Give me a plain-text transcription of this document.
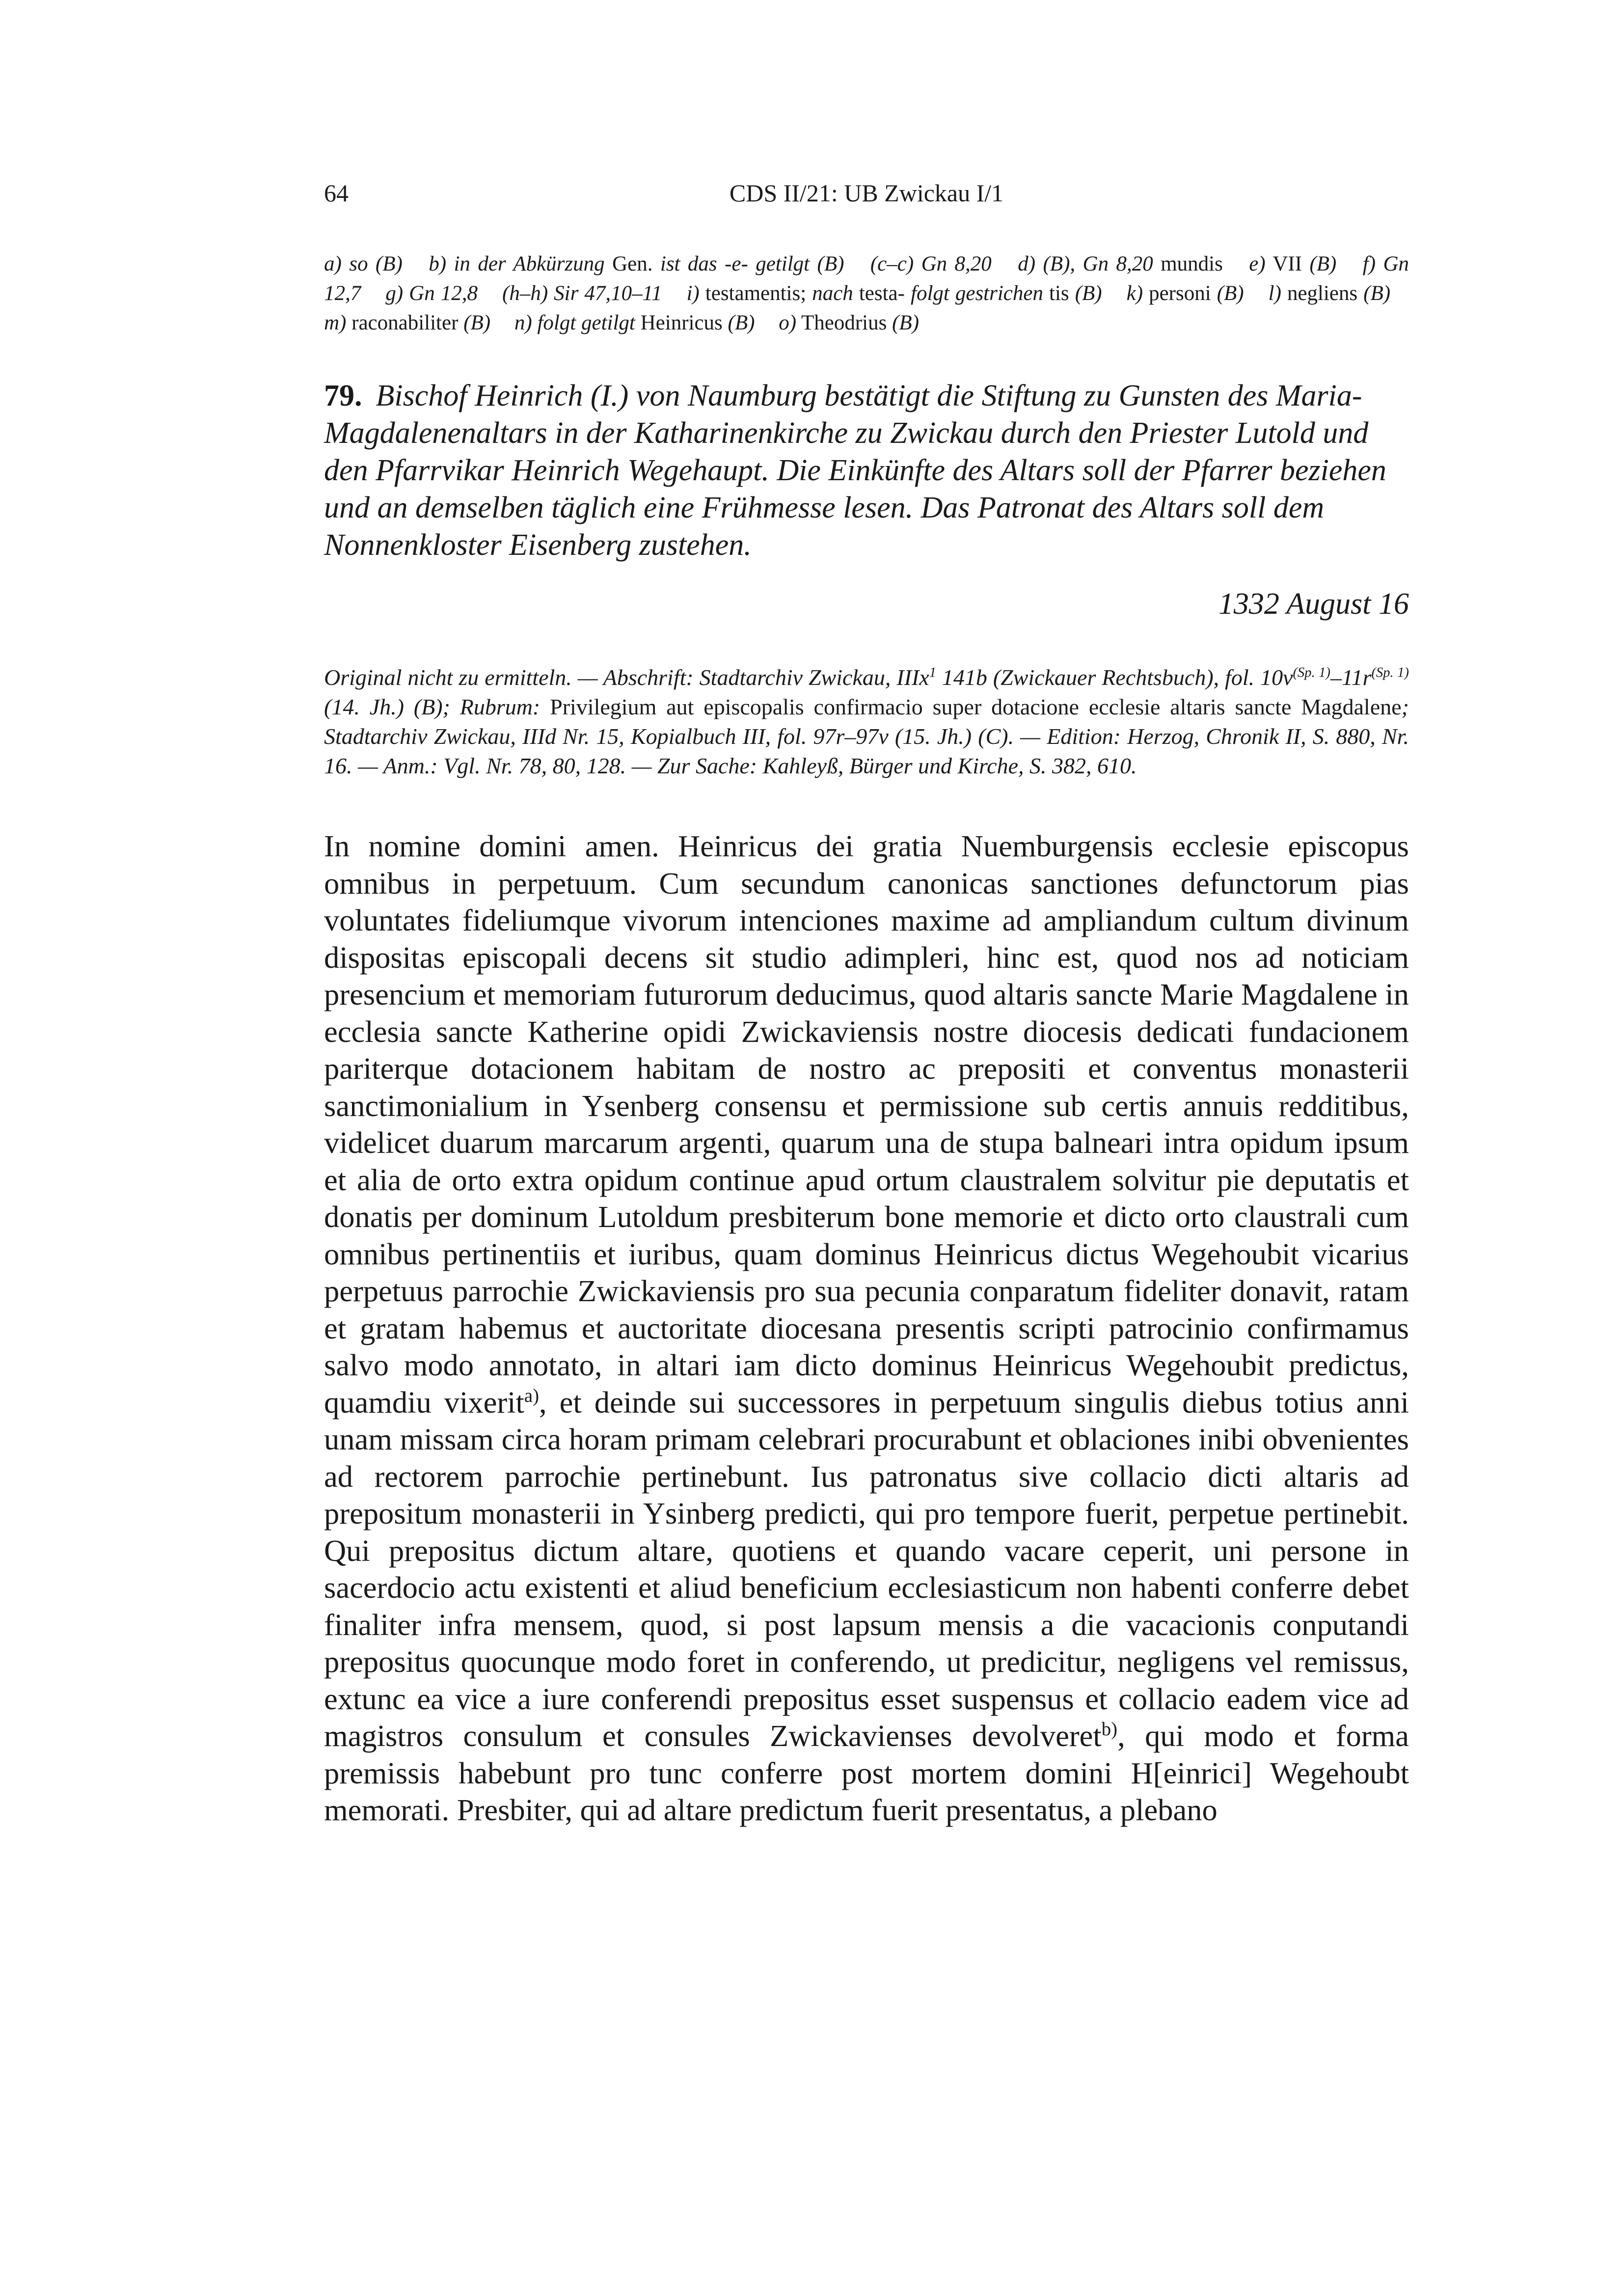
64	CDS II/21: UB Zwickau I/1

a) so (B) b) in der Abkürzung Gen. ist das -e- getilgt (B) (c–c) Gn 8,20 d) (B), Gn 8,20 mundis e) VII (B) f) Gn 12,7 g) Gn 12,8 (h–h) Sir 47,10–11 i) testamentis; nach testa- folgt gestrichen tis (B) k) personi (B) l) negliens (B) m) raconabiliter (B) n) folgt getilgt Heinricus (B) o) Theodrius (B)

79. Bischof Heinrich (I.) von Naumburg bestätigt die Stiftung zu Gunsten des Maria-Magdalenenaltars in der Katharinenkirche zu Zwickau durch den Priester Lutold und den Pfarrvikar Heinrich Wegehaupt. Die Einkünfte des Altars soll der Pfarrer beziehen und an demselben täglich eine Frühmesse lesen. Das Patronat des Altars soll dem Nonnenkloster Eisenberg zustehen.
1332 August 16

Original nicht zu ermitteln. — Abschrift: Stadtarchiv Zwickau, IIIx$^1$ 141b (Zwickauer Rechtsbuch), fol. $10v^{(Sp. 1)}-11r^{(Sp. 1)}$ (14. Jh.) (B); Rubrum: Privilegium aut episcopalis confirmacio super dotacione ecclesie altaris sancte Magdalene; Stadtarchiv Zwickau, IIId Nr. 15, Kopialbuch III, fol. 97r–97v (15. Jh.) (C). — Edition: Herzog, Chronik II, S. 880, Nr. 16. — Anm.: Vgl. Nr. 78, 80, 128. — Zur Sache: Kahleyß, Bürger und Kirche, S. 382, 610.

In nomine domini amen. Heinricus dei gratia Nuemburgensis ecclesie episcopus omnibus in perpetuum. Cum secundum canonicas sanctiones defunctorum pias voluntates fideliumque vivorum intenciones maxime ad ampliandum cultum divinum dispositas episcopali decens sit studio adimpleri, hinc est, quod nos ad noticiam presencium et memoriam futurorum deducimus, quod altaris sancte Marie Magdalene in ecclesia sancte Katherine opidi Zwickaviensis nostre diocesis dedicati fundacionem pariterque dotacionem habitam de nostro ac prepositi et conventus monasterii sanctimonialium in Ysenberg consensu et permissione sub certis annuis redditibus, videlicet duarum marcarum argenti, quarum una de stupa balneari intra opidum ipsum et alia de orto extra opidum continue apud ortum claustralem solvitur pie deputatis et donatis per dominum Lutoldum presbiterum bone memorie et dicto orto claustrali cum omnibus pertinentiis et iuribus, quam dominus Heinricus dictus Wegehoubit vicarius perpetuus parrochie Zwickaviensis pro sua pecunia conparatum fideliter donavit, ratam et gratam habemus et auctoritate diocesana presentis scripti patrocinio confirmamus salvo modo annotato, in altari iam dicto dominus Heinricus Wegehoubit predictus, quamdiu vixerit$^{a)}$, et deinde sui successores in perpetuum singulis diebus totius anni unam missam circa horam primam celebrari procurabunt et oblaciones inibi obvenientes ad rectorem parrochie pertinebunt. Ius patronatus sive collacio dicti altaris ad prepositum monasterii in Ysinberg predicti, qui pro tempore fuerit, perpetue pertinebit. Qui prepositus dictum altare, quotiens et quando vacare ceperit, uni persone in sacerdocio actu existenti et aliud beneficium ecclesiasticum non habenti conferre debet finaliter infra mensem, quod, si post lapsum mensis a die vacacionis conputandi prepositus quocunque modo foret in conferendo, ut predicitur, negligens vel remissus, extunc ea vice a iure conferendi prepositus esset suspensus et collacio eadem vice ad magistros consulum et consules Zwickavienses devolveret$^{b)}$, qui modo et forma premissis habebunt pro tunc conferre post mortem domini H[einrici] Wegehoubt memorati. Presbiter, qui ad altare predictum fuerit presentatus, a plebano
